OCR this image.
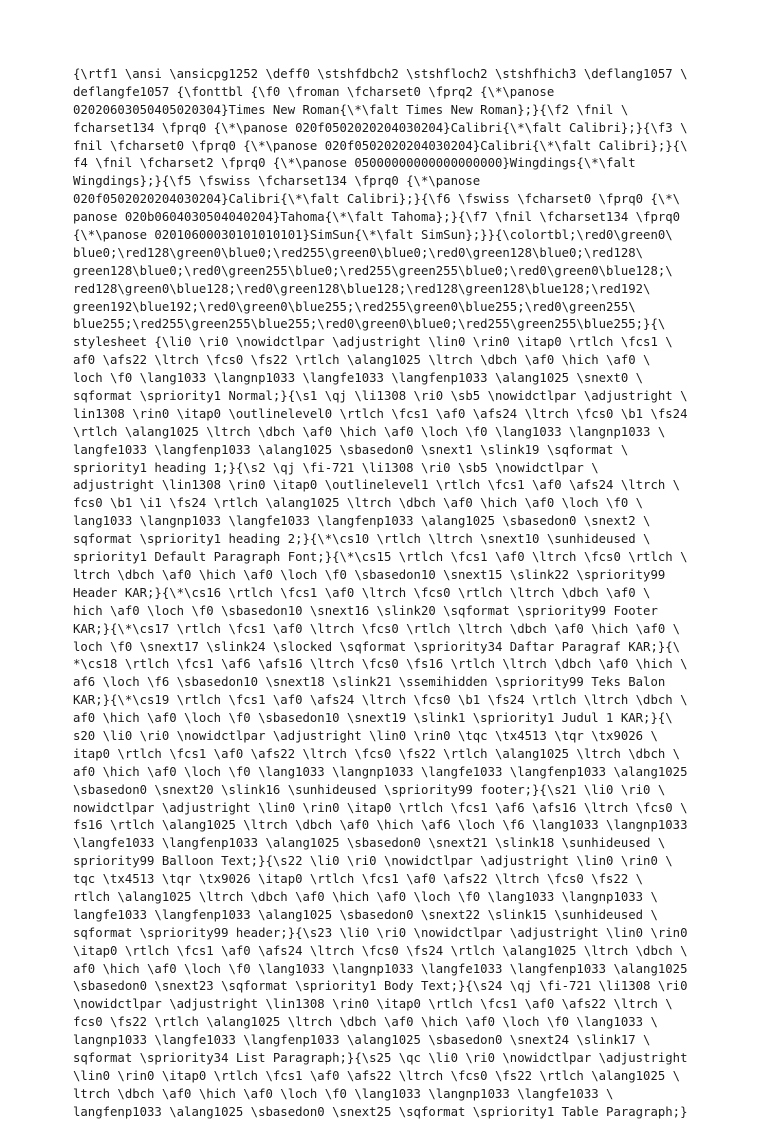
{\rtf1 \ansi \ansicpg1252 \deff0 \stshfdbch2 \stshfloch2 \stshfhich3 \deflang1057 \
deflangfe1057 {\fonttbl {\f0 \froman \fcharset0 \fprq2 {\*\panose
02020603050405020304}Times New Roman{\*\falt Times New Roman};}{\f2 \fnil \
fcharset134 \fprq0 {\*\panose 020f0502020204030204}Calibri{\*\falt Calibri};}{\f3 \
fnil \fcharset0 \fprq0 {\*\panose 020f0502020204030204}Calibri{\*\falt Calibri};}{\
f4 \fnil \fcharset2 \fprq0 {\*\panose 05000000000000000000}Wingdings{\*\falt
Wingdings};}{\f5 \fswiss \fcharset134 \fprq0 {\*\panose
020f0502020204030204}Calibri{\*\falt Calibri};}{\f6 \fswiss \fcharset0 \fprq0 {\*\
panose 020b0604030504040204}Tahoma{\*\falt Tahoma};}{\f7 \fnil \fcharset134 \fprq0
{\*\panose 02010600030101010101}SimSun{\*\falt SimSun};}}{\colortbl;\red0\green0\
blue0;\red128\green0\blue0;\red255\green0\blue0;\red0\green128\blue0;\red128\
green128\blue0;\red0\green255\blue0;\red255\green255\blue0;\red0\green0\blue128;\
red128\green0\blue128;\red0\green128\blue128;\red128\green128\blue128;\red192\
green192\blue192;\red0\green0\blue255;\red255\green0\blue255;\red0\green255\
blue255;\red255\green255\blue255;\red0\green0\blue0;\red255\green255\blue255;}{\
stylesheet {\li0 \ri0 \nowidctlpar \adjustright \lin0 \rin0 \itap0 \rtlch \fcs1 \
af0 \afs22 \ltrch \fcs0 \fs22 \rtlch \alang1025 \ltrch \dbch \af0 \hich \af0 \
loch \f0 \lang1033 \langnp1033 \langfe1033 \langfenp1033 \alang1025 \snext0 \
sqformat \spriority1 Normal;}{\s1 \qj \li1308 \ri0 \sb5 \nowidctlpar \adjustright \
lin1308 \rin0 \itap0 \outlinelevel0 \rtlch \fcs1 \af0 \afs24 \ltrch \fcs0 \b1 \fs24
\rtlch \alang1025 \ltrch \dbch \af0 \hich \af0 \loch \f0 \lang1033 \langnp1033 \
langfe1033 \langfenp1033 \alang1025 \sbasedon0 \snext1 \slink19 \sqformat \
spriority1 heading 1;}{\s2 \qj \fi-721 \li1308 \ri0 \sb5 \nowidctlpar \
adjustright \lin1308 \rin0 \itap0 \outlinelevel1 \rtlch \fcs1 \af0 \afs24 \ltrch \
fcs0 \b1 \i1 \fs24 \rtlch \alang1025 \ltrch \dbch \af0 \hich \af0 \loch \f0 \
lang1033 \langnp1033 \langfe1033 \langfenp1033 \alang1025 \sbasedon0 \snext2 \
sqformat \spriority1 heading 2;}{\*\cs10 \rtlch \ltrch \snext10 \sunhideused \
spriority1 Default Paragraph Font;}{\*\cs15 \rtlch \fcs1 \af0 \ltrch \fcs0 \rtlch \
ltrch \dbch \af0 \hich \af0 \loch \f0 \sbasedon10 \snext15 \slink22 \spriority99
Header KAR;}{\*\cs16 \rtlch \fcs1 \af0 \ltrch \fcs0 \rtlch \ltrch \dbch \af0 \
hich \af0 \loch \f0 \sbasedon10 \snext16 \slink20 \sqformat \spriority99 Footer
KAR;}{\*\cs17 \rtlch \fcs1 \af0 \ltrch \fcs0 \rtlch \ltrch \dbch \af0 \hich \af0 \
loch \f0 \snext17 \slink24 \slocked \sqformat \spriority34 Daftar Paragraf KAR;}{\
*\cs18 \rtlch \fcs1 \af6 \afs16 \ltrch \fcs0 \fs16 \rtlch \ltrch \dbch \af0 \hich \
af6 \loch \f6 \sbasedon10 \snext18 \slink21 \ssemihidden \spriority99 Teks Balon
KAR;}{\*\cs19 \rtlch \fcs1 \af0 \afs24 \ltrch \fcs0 \b1 \fs24 \rtlch \ltrch \dbch \
af0 \hich \af0 \loch \f0 \sbasedon10 \snext19 \slink1 \spriority1 Judul 1 KAR;}{\
s20 \li0 \ri0 \nowidctlpar \adjustright \lin0 \rin0 \tqc \tx4513 \tqr \tx9026 \
itap0 \rtlch \fcs1 \af0 \afs22 \ltrch \fcs0 \fs22 \rtlch \alang1025 \ltrch \dbch \
af0 \hich \af0 \loch \f0 \lang1033 \langnp1033 \langfe1033 \langfenp1033 \alang1025
\sbasedon0 \snext20 \slink16 \sunhideused \spriority99 footer;}{\s21 \li0 \ri0 \
nowidctlpar \adjustright \lin0 \rin0 \itap0 \rtlch \fcs1 \af6 \afs16 \ltrch \fcs0 \
fs16 \rtlch \alang1025 \ltrch \dbch \af0 \hich \af6 \loch \f6 \lang1033 \langnp1033
\langfe1033 \langfenp1033 \alang1025 \sbasedon0 \snext21 \slink18 \sunhideused \
spriority99 Balloon Text;}{\s22 \li0 \ri0 \nowidctlpar \adjustright \lin0 \rin0 \
tqc \tx4513 \tqr \tx9026 \itap0 \rtlch \fcs1 \af0 \afs22 \ltrch \fcs0 \fs22 \
rtlch \alang1025 \ltrch \dbch \af0 \hich \af0 \loch \f0 \lang1033 \langnp1033 \
langfe1033 \langfenp1033 \alang1025 \sbasedon0 \snext22 \slink15 \sunhideused \
sqformat \spriority99 header;}{\s23 \li0 \ri0 \nowidctlpar \adjustright \lin0 \rin0
\itap0 \rtlch \fcs1 \af0 \afs24 \ltrch \fcs0 \fs24 \rtlch \alang1025 \ltrch \dbch \
af0 \hich \af0 \loch \f0 \lang1033 \langnp1033 \langfe1033 \langfenp1033 \alang1025
\sbasedon0 \snext23 \sqformat \spriority1 Body Text;}{\s24 \qj \fi-721 \li1308 \ri0
\nowidctlpar \adjustright \lin1308 \rin0 \itap0 \rtlch \fcs1 \af0 \afs22 \ltrch \
fcs0 \fs22 \rtlch \alang1025 \ltrch \dbch \af0 \hich \af0 \loch \f0 \lang1033 \
langnp1033 \langfe1033 \langfenp1033 \alang1025 \sbasedon0 \snext24 \slink17 \
sqformat \spriority34 List Paragraph;}{\s25 \qc \li0 \ri0 \nowidctlpar \adjustright
\lin0 \rin0 \itap0 \rtlch \fcs1 \af0 \afs22 \ltrch \fcs0 \fs22 \rtlch \alang1025 \
ltrch \dbch \af0 \hich \af0 \loch \f0 \lang1033 \langnp1033 \langfe1033 \
langfenp1033 \alang1025 \sbasedon0 \snext25 \sqformat \spriority1 Table Paragraph;}
